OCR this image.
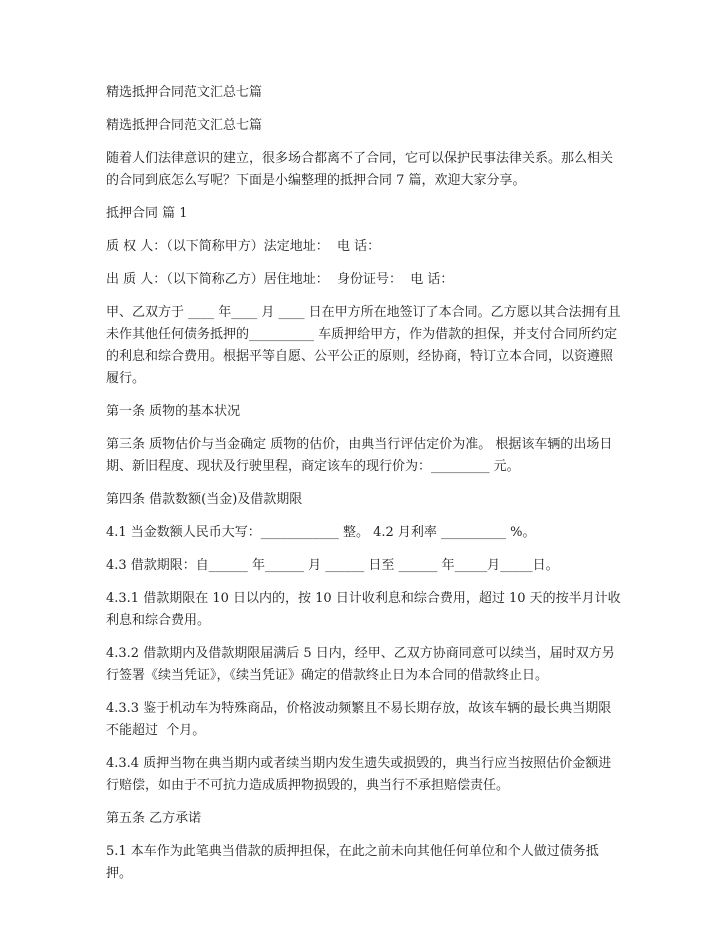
精选抵押合同范文汇总七篇

精选抵押合同范文汇总七篇

随着人们法律意识的建立，很多场合都离不了合同，它可以保护民事法律关系。那么相关的合同到底怎么写呢？下面是小编整理的抵押合同 7 篇，欢迎大家分享。

抵押合同 篇 1

质 权 人：（以下简称甲方）法定地址：  电 话：

出 质 人：（以下简称乙方）居住地址：  身份证号：  电 话：

甲、乙双方于 ____ 年____ 月 ____ 日在甲方所在地签订了本合同。乙方愿以其合法拥有且未作其他任何债务抵押的__________ 车质押给甲方，作为借款的担保，并支付合同所约定的利息和综合费用。根据平等自愿、公平公正的原则，经协商，特订立本合同，以资遵照履行。

第一条 质物的基本状况

第三条 质物估价与当金确定 质物的估价，由典当行评估定价为准。 根据该车辆的出场日期、新旧程度、现状及行驶里程，商定该车的现行价为：_________ 元。

第四条 借款数额(当金)及借款期限

4.1 当金数额人民币大写：____________ 整。 4.2 月利率 __________ %。

4.3 借款期限：自______ 年______ 月 ______ 日至 ______ 年_____月_____日。

4.3.1 借款期限在 10 日以内的，按 10 日计收利息和综合费用，超过 10 天的按半月计收利息和综合费用。

4.3.2 借款期内及借款期限届满后 5 日内，经甲、乙双方协商同意可以续当，届时双方另行签署《续当凭证》，《续当凭证》确定的借款终止日为本合同的借款终止日。

4.3.3 鉴于机动车为特殊商品，价格波动频繁且不易长期存放，故该车辆的最长典当期限不能超过  个月。

4.3.4 质押当物在典当期内或者续当期内发生遗失或损毁的，典当行应当按照估价金额进行赔偿，如由于不可抗力造成质押物损毁的，典当行不承担赔偿责任。

第五条 乙方承诺

5.1 本车作为此笔典当借款的质押担保，在此之前未向其他任何单位和个人做过债务抵押。
